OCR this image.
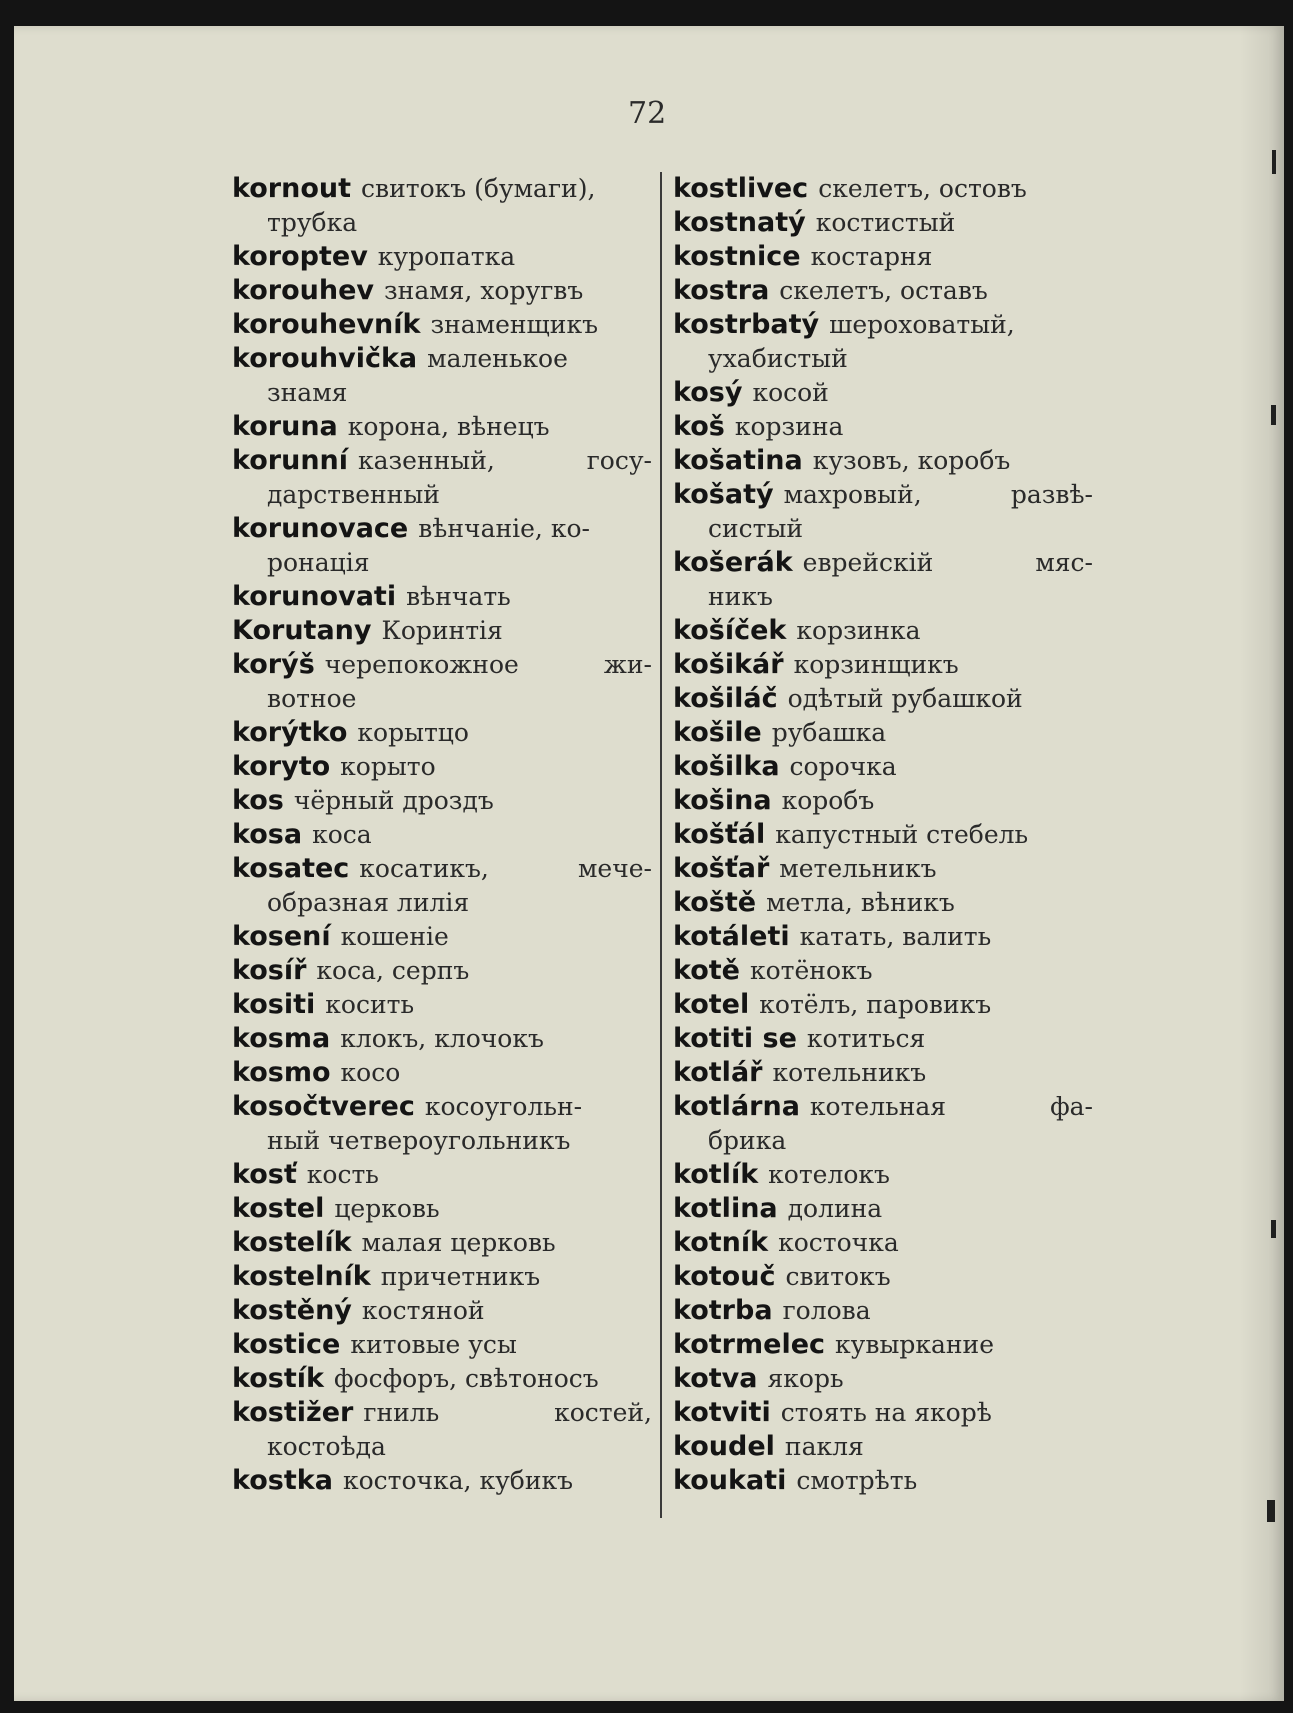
72
kornout свитокъ (бумаги),
трубка
koroptev куропатка
korouhev знамя, хоругвъ
korouhevník знаменщикъ
korouhvička маленькое
знамя
koruna корона, вѣнецъ
korunní казенный,	госу-
дарственный
korunovace вѣнчаніе, ко-
ронація
korunovati вѣнчать
Korutany Коринтія
korýš черепокожное	жи-
вотное
korýtko корытцо
koryto корыто
kos чёрный дроздъ
kosa коса
kosatec косатикъ,	мече-
образная лилія
kosení кошеніе
kosíř коса, серпъ
kositi косить
kosma клокъ, клочокъ
kosmo косо
kosočtverec косоугольн-
ный четвероугольникъ
kosť кость
kostel церковь
kostelík малая церковь
kostelník причетникъ
kostěný костяной
kostice китовые усы
kostík фосфоръ, свѣтоносъ
kostižer гниль	костей,
костоѣда
kostka косточка, кубикъ
kostlivec скелетъ, остовъ
kostnatý костистый
kostnice костарня
kostra скелетъ, оставъ
kostrbatý шероховатый,
ухабистый
kosý косой
koš корзина
košatina кузовъ, коробъ
košatý махровый,	развѣ-
систый
košerák еврейскій	мяс-
никъ
košíček корзинка
košikář корзинщикъ
košiláč одѣтый рубашкой
košile рубашка
košilka сорочка
košina коробъ
košťál капустный стебель
košťař метельникъ
koště метла, вѣникъ
kotáleti катать, валить
kotě котёнокъ
kotel котёлъ, паровикъ
kotiti se котиться
kotlář котельникъ
kotlárna котельная	фа-
брика
kotlík котелокъ
kotlina долина
kotník косточка
kotouč свитокъ
kotrba голова
kotrmelec кувыркание
kotva якорь
kotviti стоять на якорѣ
koudel пакля
koukati смотрѣть
